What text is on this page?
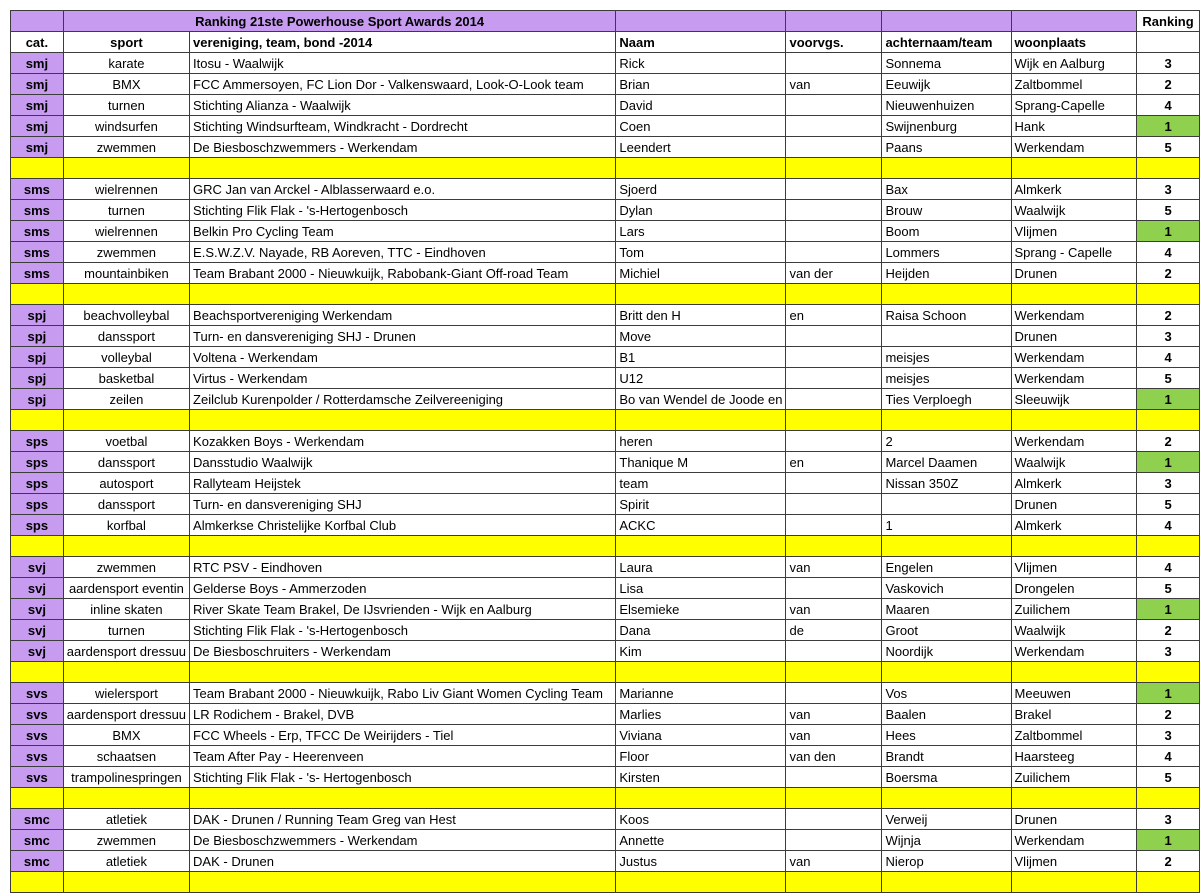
	Ranking 21ste Powerhouse Sport Awards 2014						Ranking
cat.	sport	vereniging, team, bond -2014	Naam	voorvgs.	achternaam/team	woonplaats	
smj	karate	Itosu - Waalwijk	Rick		Sonnema	Wijk en Aalburg	3
smj	BMX	FCC Ammersoyen, FC Lion Dor - Valkenswaard, Look-O-Look team	Brian	van	Eeuwijk	Zaltbommel	2
smj	turnen	Stichting Alianza - Waalwijk	David		Nieuwenhuizen	Sprang-Capelle	4
smj	windsurfen	Stichting Windsurfteam, Windkracht - Dordrecht	Coen		Swijnenburg	Hank	1
smj	zwemmen	De Biesboschzwemmers - Werkendam	Leendert		Paans	Werkendam	5

sms	wielrennen	GRC Jan van Arckel - Alblasserwaard e.o.	Sjoerd		Bax	Almkerk	3
sms	turnen	Stichting Flik Flak - 's-Hertogenbosch	Dylan		Brouw	Waalwijk	5
sms	wielrennen	Belkin Pro Cycling Team	Lars		Boom	Vlijmen	1
sms	zwemmen	E.S.W.Z.V. Nayade, RB Aoreven, TTC - Eindhoven	Tom		Lommers	Sprang - Capelle	4
sms	mountainbiken	Team Brabant 2000 - Nieuwkuijk, Rabobank-Giant Off-road Team	Michiel	van der	Heijden	Drunen	2

spj	beachvolleybal	Beachsportvereniging Werkendam	Britt den H	en	Raisa Schoon	Werkendam	2
spj	danssport	Turn- en dansvereniging SHJ - Drunen	Move			Drunen	3
spj	volleybal	Voltena - Werkendam	B1		meisjes	Werkendam	4
spj	basketbal	Virtus - Werkendam	U12		meisjes	Werkendam	5
spj	zeilen	Zeilclub Kurenpolder / Rotterdamsche Zeilvereeniging	Bo van Wendel de Joode en		Ties Verploegh	Sleeuwijk	1

sps	voetbal	Kozakken Boys - Werkendam	heren		2	Werkendam	2
sps	danssport	Dansstudio Waalwijk	Thanique M	en	Marcel Daamen	Waalwijk	1
sps	autosport	Rallyteam Heijstek	team		Nissan 350Z	Almkerk	3
sps	danssport	Turn- en dansvereniging SHJ	Spirit			Drunen	5
sps	korfbal	Almkerkse Christelijke Korfbal Club	ACKC		1	Almkerk	4

svj	zwemmen	RTC PSV - Eindhoven	Laura	van	Engelen	Vlijmen	4
svj	aardensport eventin	Gelderse Boys - Ammerzoden	Lisa		Vaskovich	Drongelen	5
svj	inline skaten	River Skate Team Brakel, De IJsvrienden - Wijk en Aalburg	Elsemieke	van	Maaren	Zuilichem	1
svj	turnen	Stichting Flik Flak - 's-Hertogenbosch	Dana	de	Groot	Waalwijk	2
svj	aardensport dressuu	De Biesboschruiters - Werkendam	Kim		Noordijk	Werkendam	3

svs	wielersport	Team Brabant 2000 - Nieuwkuijk, Rabo Liv Giant Women Cycling Team	Marianne		Vos	Meeuwen	1
svs	aardensport dressuu	LR Rodichem - Brakel, DVB	Marlies	van	Baalen	Brakel	2
svs	BMX	FCC Wheels - Erp, TFCC De Weirijders - Tiel	Viviana	van	Hees	Zaltbommel	3
svs	schaatsen	Team After Pay - Heerenveen	Floor	van den	Brandt	Haarsteeg	4
svs	trampolinespringen	Stichting Flik Flak - 's- Hertogenbosch	Kirsten		Boersma	Zuilichem	5

smc	atletiek	DAK - Drunen / Running Team Greg van Hest	Koos		Verweij	Drunen	3
smc	zwemmen	De Biesboschzwemmers - Werkendam	Annette		Wijnja	Werkendam	1
smc	atletiek	DAK - Drunen	Justus	van	Nierop	Vlijmen	2
